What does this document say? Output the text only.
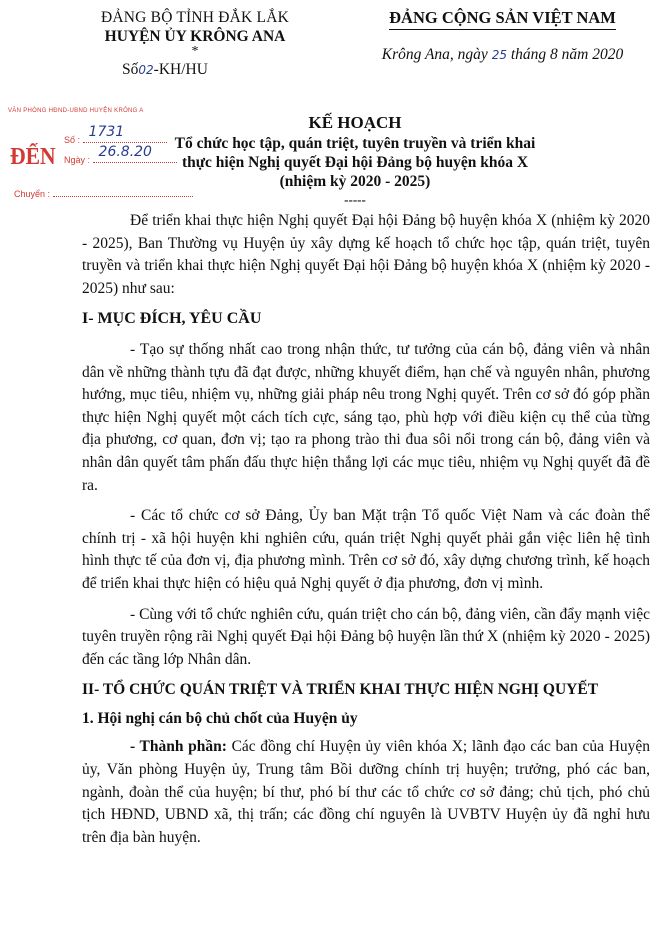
ĐẢNG BỘ TỈNH ĐẮK LẮK
HUYỆN ỦY KRÔNG ANA
*
Số02-KH/HU
ĐẢNG CỘNG SẢN VIỆT NAM
Krông Ana, ngày 25 tháng 8 năm 2020
VĂN PHÒNG HĐND-UBND HUYỆN KRÔNG A
ĐẾN
Số : 1731
Ngày : 26.8.20
Chuyển :
KẾ HOẠCH
Tổ chức học tập, quán triệt, tuyên truyền và triển khai
thực hiện Nghị quyết Đại hội Đảng bộ huyện khóa X
(nhiệm kỳ 2020 - 2025)
-----

Để triển khai thực hiện Nghị quyết Đại hội Đảng bộ huyện khóa X (nhiệm kỳ 2020 - 2025), Ban Thường vụ Huyện ủy xây dựng kế hoạch tổ chức học tập, quán triệt, tuyên truyền và triển khai thực hiện Nghị quyết Đại hội Đảng bộ huyện khóa X (nhiệm kỳ 2020 - 2025) như sau:

I- MỤC ĐÍCH, YÊU CẦU

- Tạo sự thống nhất cao trong nhận thức, tư tưởng của cán bộ, đảng viên và nhân dân về những thành tựu đã đạt được, những khuyết điểm, hạn chế và nguyên nhân, phương hướng, mục tiêu, nhiệm vụ, những giải pháp nêu trong Nghị quyết. Trên cơ sở đó góp phần thực hiện Nghị quyết một cách tích cực, sáng tạo, phù hợp với điều kiện cụ thể của từng địa phương, cơ quan, đơn vị; tạo ra phong trào thi đua sôi nổi trong cán bộ, đảng viên và nhân dân quyết tâm phấn đấu thực hiện thắng lợi các mục tiêu, nhiệm vụ Nghị quyết đã đề ra.

- Các tổ chức cơ sở Đảng, Ủy ban Mặt trận Tổ quốc Việt Nam và các đoàn thể chính trị - xã hội huyện khi nghiên cứu, quán triệt Nghị quyết phải gắn việc liên hệ tình hình thực tế của đơn vị, địa phương mình. Trên cơ sở đó, xây dựng chương trình, kế hoạch để triển khai thực hiện có hiệu quả Nghị quyết ở địa phương, đơn vị mình.

- Cùng với tổ chức nghiên cứu, quán triệt cho cán bộ, đảng viên, cần đẩy mạnh việc tuyên truyền rộng rãi Nghị quyết Đại hội Đảng bộ huyện lần thứ X (nhiệm kỳ 2020 - 2025) đến các tầng lớp Nhân dân.

II- TỔ CHỨC QUÁN TRIỆT VÀ TRIỂN KHAI THỰC HIỆN NGHỊ QUYẾT
1. Hội nghị cán bộ chủ chốt của Huyện ủy

- Thành phần: Các đồng chí Huyện ủy viên khóa X; lãnh đạo các ban của Huyện ủy, Văn phòng Huyện ủy, Trung tâm Bồi dưỡng chính trị huyện; trưởng, phó các ban, ngành, đoàn thể của huyện; bí thư, phó bí thư các tổ chức cơ sở đảng; chủ tịch, phó chủ tịch HĐND, UBND xã, thị trấn; các đồng chí nguyên là UVBTV Huyện ủy đã nghỉ hưu trên địa bàn huyện.
